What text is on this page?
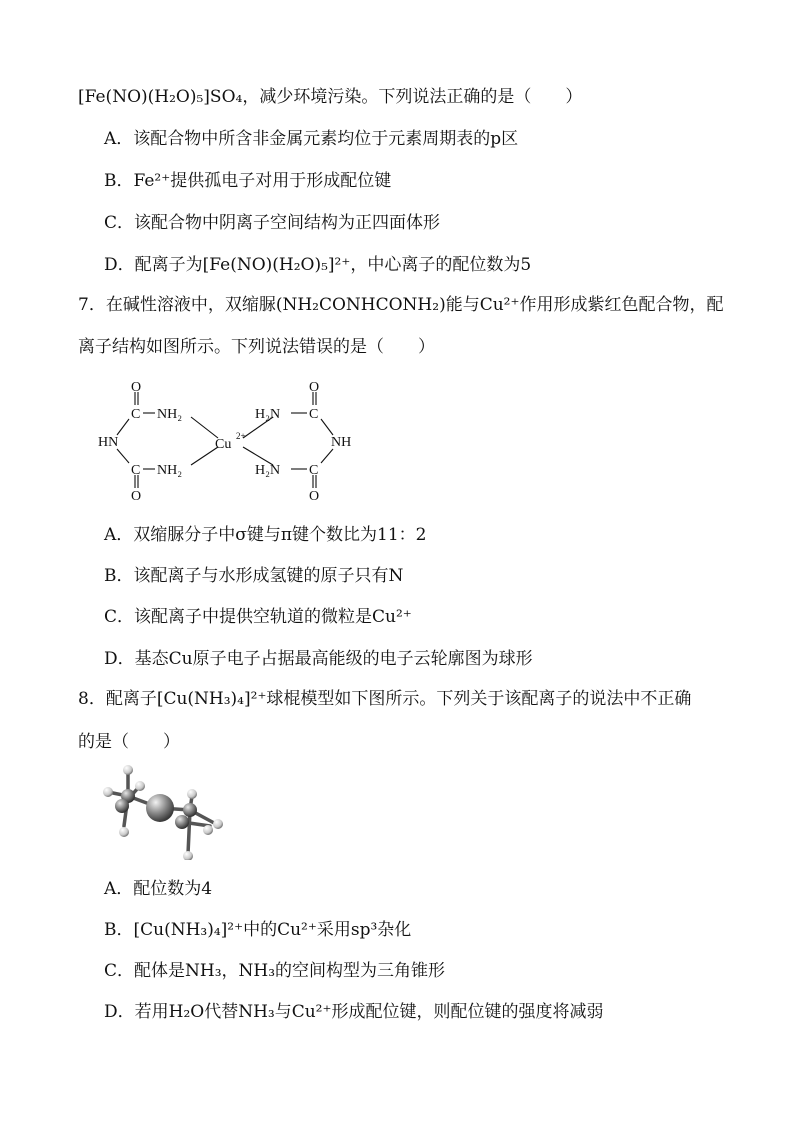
[Fe(NO)(H₂O)₅]SO₄，减少环境污染。下列说法正确的是（　　）
A．该配合物中所含非金属元素均位于元素周期表的p区
B．Fe²⁺提供孤电子对用于形成配位键
C．该配合物中阴离子空间结构为正四面体形
D．配离子为[Fe(NO)(H₂O)₅]²⁺，中心离子的配位数为5
7．在碱性溶液中，双缩脲(NH₂CONHCONH₂)能与Cu²⁺作用形成紫红色配合物，配
离子结构如图所示。下列说法错误的是（　　）
O
C NH₂
HN
C NH₂
O
Cu
2+
O
H₂N C
NH
H₂N C
O
A．双缩脲分子中σ键与π键个数比为11：2
B．该配离子与水形成氢键的原子只有N
C．该配离子中提供空轨道的微粒是Cu²⁺
D．基态Cu原子电子占据最高能级的电子云轮廓图为球形
8．配离子[Cu(NH₃)₄]²⁺球棍模型如下图所示。下列关于该配离子的说法中不正确
的是（　　）
A．配位数为4
B．[Cu(NH₃)₄]²⁺中的Cu²⁺采用sp³杂化
C．配体是NH₃，NH₃的空间构型为三角锥形
D．若用H₂O代替NH₃与Cu²⁺形成配位键，则配位键的强度将减弱
